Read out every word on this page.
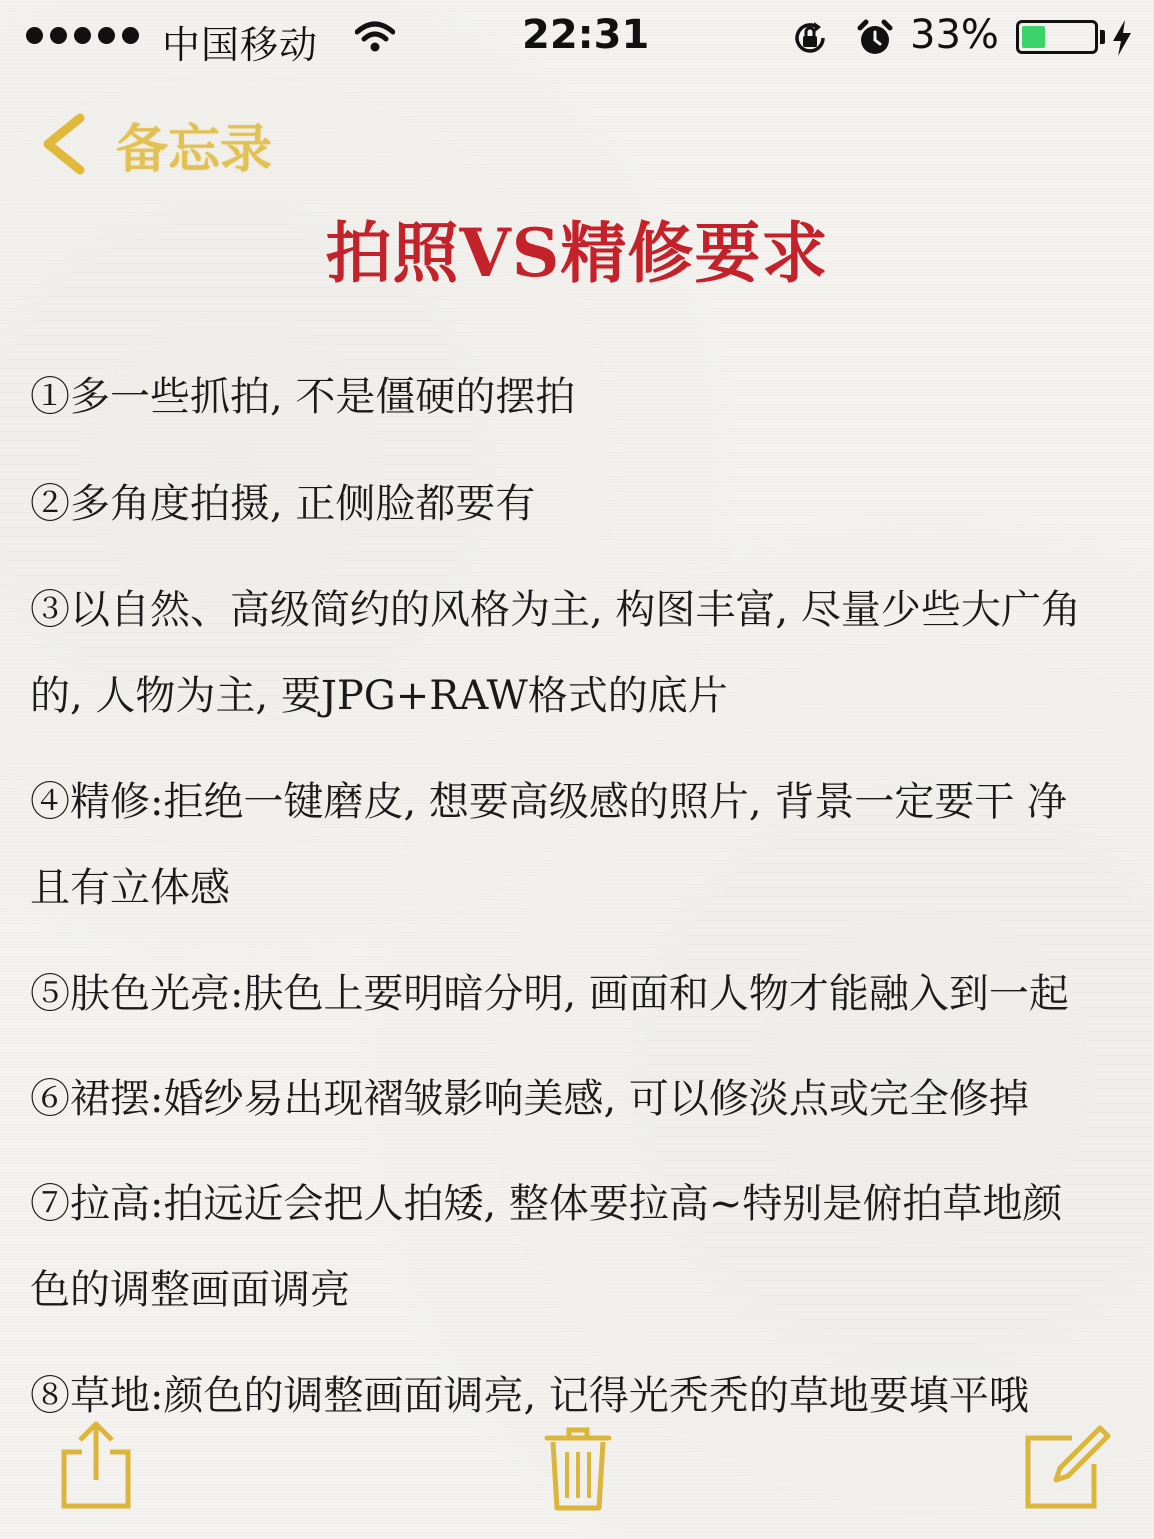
中国移动	22:31	33%
备忘录
拍照VS精修要求
①多一些抓拍, 不是僵硬的摆拍
②多角度拍摄, 正侧脸都要有
③以自然、高级简约的风格为主, 构图丰富, 尽量少些大广角
的, 人物为主, 要JPG+RAW格式的底片
④精修:拒绝一键磨皮, 想要高级感的照片, 背景一定要干 净
且有立体感
⑤肤色光亮:肤色上要明暗分明, 画面和人物才能融入到一起
⑥裙摆:婚纱易出现褶皱影响美感, 可以修淡点或完全修掉
⑦拉高:拍远近会把人拍矮, 整体要拉高~特别是俯拍草地颜
色的调整画面调亮
⑧草地:颜色的调整画面调亮, 记得光秃秃的草地要填平哦
